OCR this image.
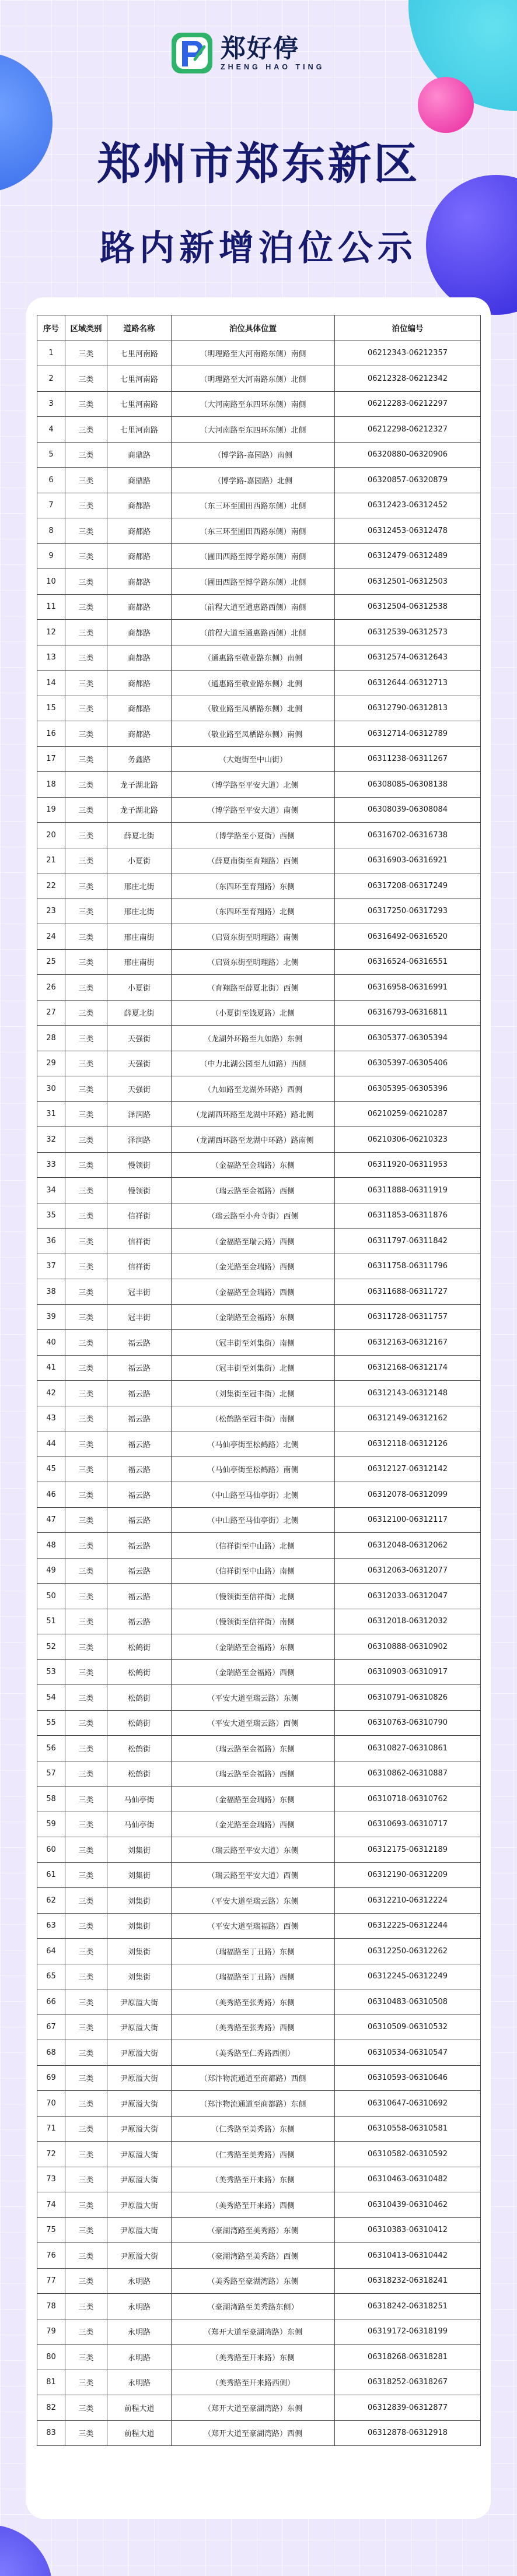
郑好停
ZHENG HAO TING
郑州市郑东新区
路内新增泊位公示
序号	区域类别	道路名称	泊位具体位置	泊位编号
1	三类	七里河南路	（明理路至大河南路东侧）南侧	06212343-06212357
2	三类	七里河南路	（明理路至大河南路东侧）北侧	06212328-06212342
3	三类	七里河南路	（大河南路至东四环东侧）南侧	06212283-06212297
4	三类	七里河南路	（大河南路至东四环东侧）北侧	06212298-06212327
5	三类	商鼎路	（博学路-嘉园路）南侧	06320880-06320906
6	三类	商鼎路	（博学路-嘉园路）北侧	06320857-06320879
7	三类	商都路	（东三环至圃田西路东侧）北侧	06312423-06312452
8	三类	商都路	（东三环至圃田西路东侧）南侧	06312453-06312478
9	三类	商都路	（圃田西路至博学路东侧）南侧	06312479-06312489
10	三类	商都路	（圃田西路至博学路东侧）北侧	06312501-06312503
11	三类	商都路	（前程大道至通惠路西侧）南侧	06312504-06312538
12	三类	商都路	（前程大道至通惠路西侧）北侧	06312539-06312573
13	三类	商都路	（通惠路至敬业路东侧）南侧	06312574-06312643
14	三类	商都路	（通惠路至敬业路东侧）北侧	06312644-06312713
15	三类	商都路	（敬业路至凤栖路东侧）北侧	06312790-06312813
16	三类	商都路	（敬业路至凤栖路东侧）南侧	06312714-06312789
17	三类	务鑫路	（大炮街至中山街）	06311238-06311267
18	三类	龙子湖北路	（博学路至平安大道）北侧	06308085-06308138
19	三类	龙子湖北路	（博学路至平安大道）南侧	06308039-06308084
20	三类	薛夏北街	（博学路至小夏街）西侧	06316702-06316738
21	三类	小夏街	（薛夏南街至育翔路）西侧	06316903-06316921
22	三类	邢庄北街	（东四环至育翔路）东侧	06317208-06317249
23	三类	邢庄北街	（东四环至育翔路）北侧	06317250-06317293
24	三类	邢庄南街	（启贤东街至明理路）南侧	06316492-06316520
25	三类	邢庄南街	（启贤东街至明理路）北侧	06316524-06316551
26	三类	小夏街	（育翔路至薛夏北街）西侧	06316958-06316991
27	三类	薛夏北街	（小夏街至钱夏路）北侧	06316793-06316811
28	三类	天强街	（龙湖外环路至九如路）东侧	06305377-06305394
29	三类	天强街	（中力北湖公园至九如路）西侧	06305397-06305406
30	三类	天强街	（九如路至龙湖外环路）西侧	06305395-06305396
31	三类	泽润路	（龙湖西环路至龙湖中环路）路北侧	06210259-06210287
32	三类	泽润路	（龙湖西环路至龙湖中环路）路南侧	06210306-06210323
33	三类	慢领街	（金福路至金瑞路）东侧	06311920-06311953
34	三类	慢领街	（瑞云路至金福路）西侧	06311888-06311919
35	三类	信祥街	（瑞云路至小舟寺街）西侧	06311853-06311876
36	三类	信祥街	（金福路至瑞云路）西侧	06311797-06311842
37	三类	信祥街	（金光路至金瑞路）西侧	06311758-06311796
38	三类	冠丰街	（金福路至金瑞路）西侧	06311688-06311727
39	三类	冠丰街	（金瑞路至金福路）东侧	06311728-06311757
40	三类	福云路	（冠丰街至刘集街）南侧	06312163-06312167
41	三类	福云路	（冠丰街至刘集街）北侧	06312168-06312174
42	三类	福云路	（刘集街至冠丰街）北侧	06312143-06312148
43	三类	福云路	（松鹤路至冠丰街）南侧	06312149-06312162
44	三类	福云路	（马仙亭街至松鹤路）北侧	06312118-06312126
45	三类	福云路	（马仙亭街至松鹤路）南侧	06312127-06312142
46	三类	福云路	（中山路至马仙亭街）北侧	06312078-06312099
47	三类	福云路	（中山路至马仙亭街）北侧	06312100-06312117
48	三类	福云路	（信祥街至中山路）北侧	06312048-06312062
49	三类	福云路	（信祥街至中山路）南侧	06312063-06312077
50	三类	福云路	（慢领街至信祥街）北侧	06312033-06312047
51	三类	福云路	（慢领街至信祥街）南侧	06312018-06312032
52	三类	松鹤街	（金瑞路至金福路）东侧	06310888-06310902
53	三类	松鹤街	（金瑞路至金福路）西侧	06310903-06310917
54	三类	松鹤街	（平安大道至瑞云路）东侧	06310791-06310826
55	三类	松鹤街	（平安大道至瑞云路）西侧	06310763-06310790
56	三类	松鹤街	（瑞云路至金福路）东侧	06310827-06310861
57	三类	松鹤街	（瑞云路至金福路）西侧	06310862-06310887
58	三类	马仙亭街	（金福路至金瑞路）东侧	06310718-06310762
59	三类	马仙亭街	（金光路至金瑞路）西侧	06310693-06310717
60	三类	刘集街	（瑞云路至平安大道）东侧	06312175-06312189
61	三类	刘集街	（瑞云路至平安大道）西侧	06312190-06312209
62	三类	刘集街	（平安大道至瑞云路）东侧	06312210-06312224
63	三类	刘集街	（平安大道至瑞福路）西侧	06312225-06312244
64	三类	刘集街	（瑞福路至丁丑路）东侧	06312250-06312262
65	三类	刘集街	（瑞福路至丁丑路）西侧	06312245-06312249
66	三类	尹原溢大街	（美秀路至张秀路）东侧	06310483-06310508
67	三类	尹原溢大街	（美秀路至张秀路）西侧	06310509-06310532
68	三类	尹原溢大街	（美秀路至仁秀路西侧）	06310534-06310547
69	三类	尹原溢大街	（郑汴物流通道至商都路）西侧	06310593-06310646
70	三类	尹原溢大街	（郑汴物流通道至商都路）东侧	06310647-06310692
71	三类	尹原溢大街	（仁秀路至美秀路）东侧	06310558-06310581
72	三类	尹原溢大街	（仁秀路至美秀路）西侧	06310582-06310592
73	三类	尹原溢大街	（美秀路至开来路）东侧	06310463-06310482
74	三类	尹原溢大街	（美秀路至开来路）西侧	06310439-06310462
75	三类	尹原溢大街	（豪湖湾路至美秀路）东侧	06310383-06310412
76	三类	尹原溢大街	（豪湖湾路至美秀路）西侧	06310413-06310442
77	三类	永明路	（美秀路至豪湖湾路）东侧	06318232-06318241
78	三类	永明路	（豪湖湾路至美秀路东侧）	06318242-06318251
79	三类	永明路	（郑开大道至豪湖湾路）东侧	06319172-06318199
80	三类	永明路	（美秀路至开来路）东侧	06318268-06318281
81	三类	永明路	（美秀路至开来路西侧）	06318252-06318267
82	三类	前程大道	（郑开大道至豪湖湾路）东侧	06312839-06312877
83	三类	前程大道	（郑开大道至豪湖湾路）西侧	06312878-06312918
